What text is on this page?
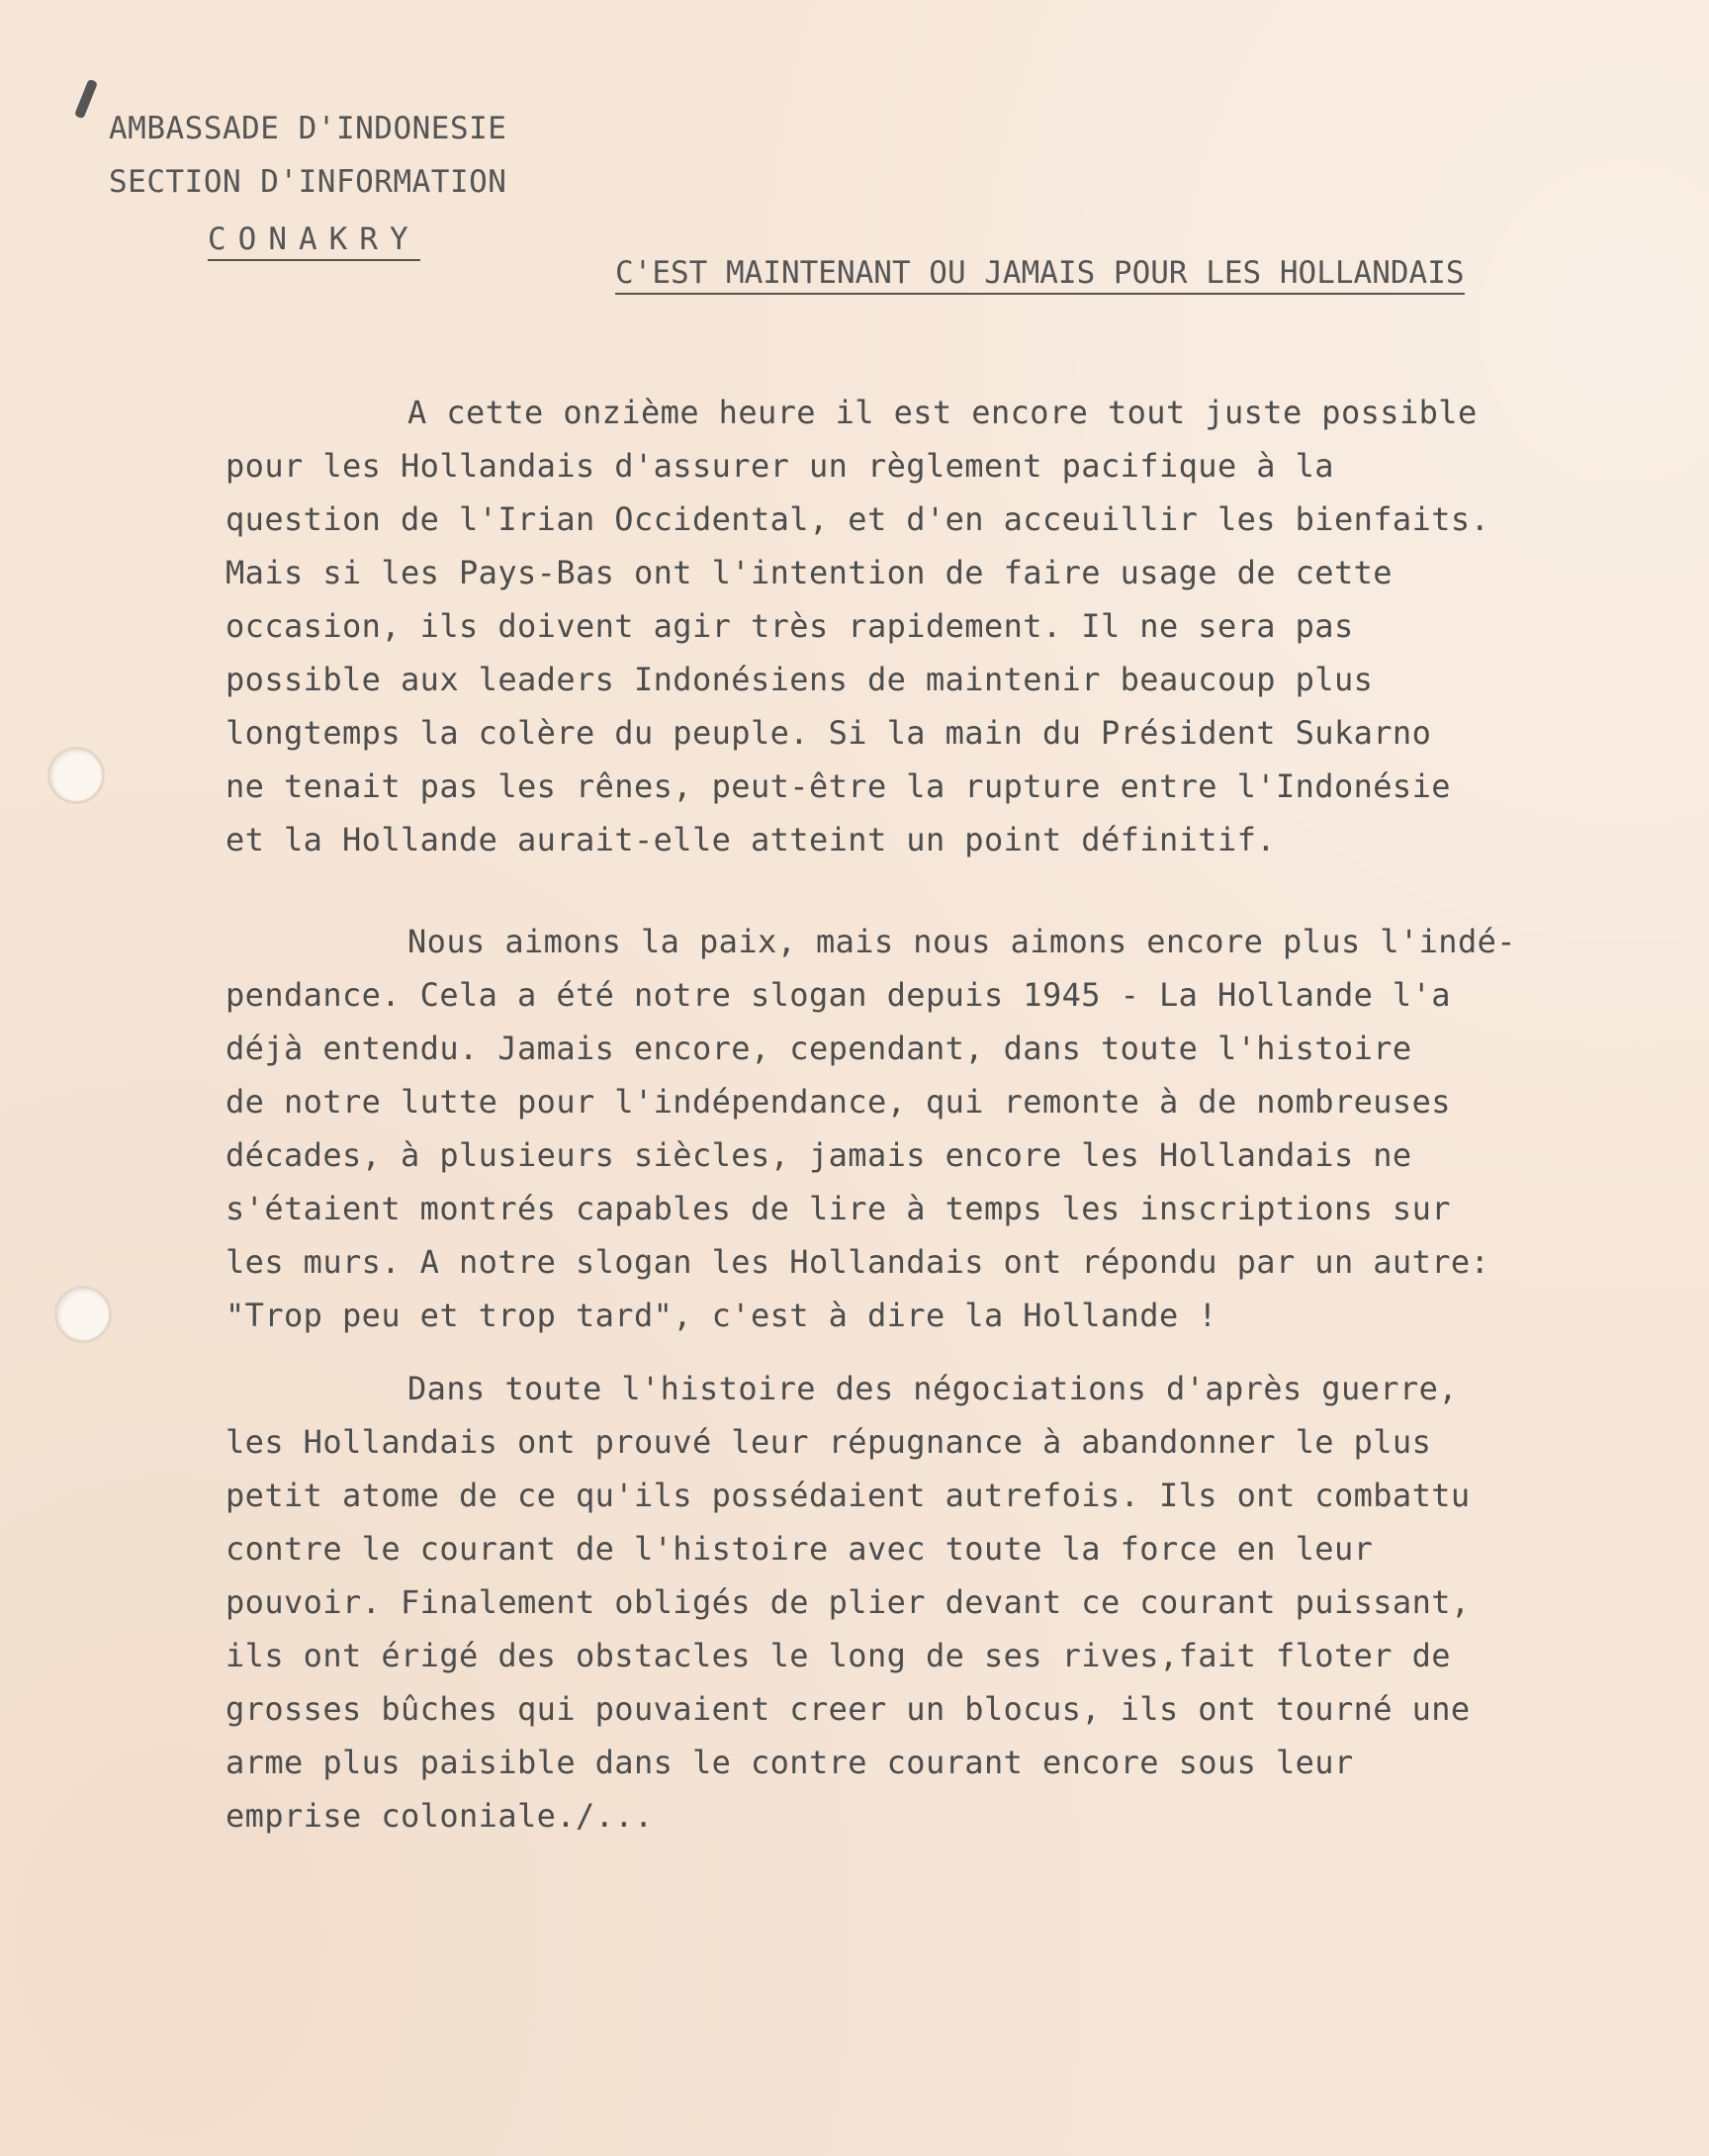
AMBASSADE D'INDONESIE
SECTION D'INFORMATION
CONAKRY
C'EST MAINTENANT OU JAMAIS POUR LES HOLLANDAIS
A cette onzième heure il est encore tout juste possible
pour les Hollandais d'assurer un règlement pacifique à la
question de l'Irian Occidental, et d'en acceuillir les bienfaits.
Mais si les Pays-Bas ont l'intention de faire usage de cette
occasion, ils doivent agir très rapidement. Il ne sera pas
possible aux leaders Indonésiens de maintenir beaucoup plus
longtemps la colère du peuple. Si la main du Président Sukarno
ne tenait pas les rênes, peut-être la rupture entre l'Indonésie
et la Hollande aurait-elle atteint un point définitif.
Nous aimons la paix, mais nous aimons encore plus l'indé-
pendance. Cela a été notre slogan depuis 1945 - La Hollande l'a
déjà entendu. Jamais encore, cependant, dans toute l'histoire
de notre lutte pour l'indépendance, qui remonte à de nombreuses
décades, à plusieurs siècles, jamais encore les Hollandais ne
s'étaient montrés capables de lire à temps les inscriptions sur
les murs. A notre slogan les Hollandais ont répondu par un autre:
"Trop peu et trop tard", c'est à dire la Hollande !
Dans toute l'histoire des négociations d'après guerre,
les Hollandais ont prouvé leur répugnance à abandonner le plus
petit atome de ce qu'ils possédaient autrefois. Ils ont combattu
contre le courant de l'histoire avec toute la force en leur
pouvoir. Finalement obligés de plier devant ce courant puissant,
ils ont érigé des obstacles le long de ses rives,fait floter de
grosses bûches qui pouvaient creer un blocus, ils ont tourné une
arme plus paisible dans le contre courant encore sous leur
emprise coloniale./...
